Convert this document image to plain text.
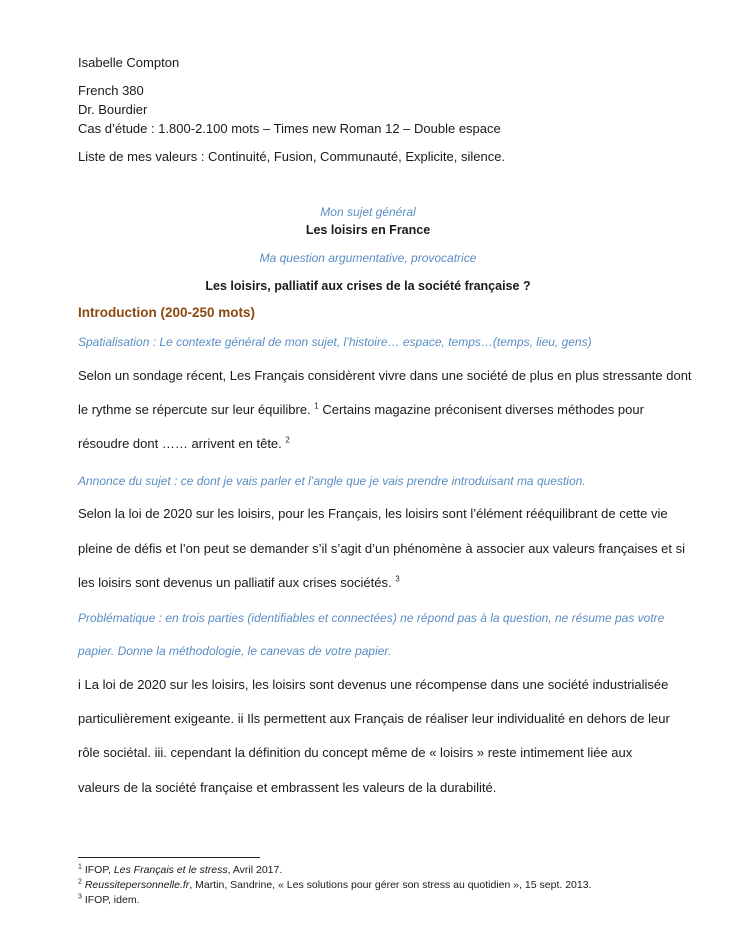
Isabelle Compton
French 380
Dr. Bourdier
Cas d’étude : 1.800-2.100 mots – Times new Roman 12 – Double espace
Liste de mes valeurs : Continuité, Fusion, Communauté, Explicite, silence.
Mon sujet général
Les loisirs en France
Ma question argumentative, provocatrice
Les loisirs, palliatif aux crises de la société française ?
Introduction (200-250 mots)
Spatialisation : Le contexte général de mon sujet, l’histoire… espace, temps…(temps, lieu, gens)
Selon un sondage récent, Les Français considèrent vivre dans une société de plus en plus stressante dont
le rythme se répercute sur leur équilibre. $^1$ Certains magazine préconisent diverses méthodes pour
résoudre dont …… arrivent en tête. $^2$
Annonce du sujet : ce dont je vais parler et l’angle que je vais prendre introduisant ma question.
Selon la loi de 2020 sur les loisirs, pour les Français, les loisirs sont l’élément rééquilibrant de cette vie
pleine de défis et l’on peut se demander s’il s’agit d’un phénomène à associer aux valeurs françaises et si
les loisirs sont devenus un palliatif aux crises sociétés. $^3$
Problématique : en trois parties (identifiables et connectées) ne répond pas à la question, ne résume pas votre
papier. Donne la méthodologie, le canevas de votre papier.
i La loi de 2020 sur les loisirs, les loisirs sont devenus une récompense dans une société industrialisée
particulièrement exigeante. ii Ils permettent aux Français de réaliser leur individualité en dehors de leur
rôle sociétal. iii. cependant la définition du concept même de « loisirs » reste intimement liée aux
valeurs de la société française et embrassent les valeurs de la durabilité.
$^1$ IFOP, Les Français et le stress, Avril 2017.
$^2$ Reussitepersonnelle.fr, Martin, Sandrine, « Les solutions pour gérer son stress au quotidien », 15 sept. 2013.
$^3$ IFOP, idem.
